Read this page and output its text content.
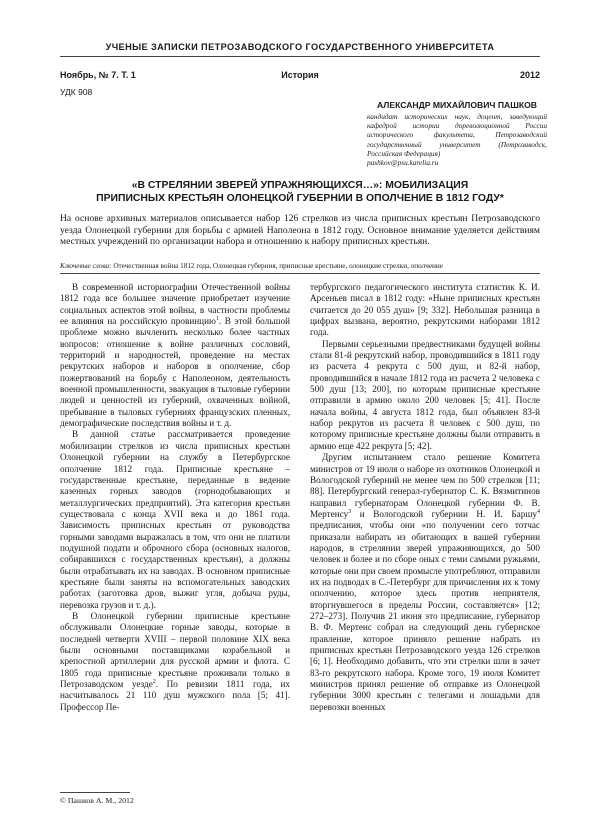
УЧЕНЫЕ ЗАПИСКИ ПЕТРОЗАВОДСКОГО ГОСУДАРСТВЕННОГО УНИВЕРСИТЕТА
Ноябрь, № 7. Т. 1	История	2012
УДК 908
АЛЕКСАНДР МИХАЙЛОВИЧ ПАШКОВ
кандидат исторических наук, доцент, заведующий кафедрой истории дореволюционной России исторического факультета, Петрозаводский государственный университет (Петрозаводск, Российская Федерация)
pashkov@psu.karelia.ru
«В СТРЕЛЯНИИ ЗВЕРЕЙ УПРАЖНЯЮЩИХСЯ…»: МОБИЛИЗАЦИЯ
ПРИПИСНЫХ КРЕСТЬЯН ОЛОНЕЦКОЙ ГУБЕРНИИ В ОПОЛЧЕНИЕ В 1812 ГОДУ*
На основе архивных материалов описывается набор 126 стрелков из числа приписных крестьян Петрозаводского уезда Олонецкой губернии для борьбы с армией Наполеона в 1812 году. Основное внимание уделяется действиям местных учреждений по организации набора и отношению к набору приписных крестьян.
Ключевые слова: Отечественная война 1812 года, Олонецкая губерния, приписные крестьяне, олонецкие стрелки, ополчение

В современной историографии Отечественной войны 1812 года все большее значение приобретает изучение социальных аспектов этой войны, в частности проблемы ее влияния на российскую провинцию$^1$. В этой большой проблеме можно вычленить несколько более частных вопросов: отношение к войне различных сословий, территорий и народностей, проведение на местах рекрутских наборов и наборов в ополчение, сбор пожертвований на борьбу с Наполеоном, деятельность военной промышленности, эвакуация в тыловые губернии людей и ценностей из губерний, охваченных войной, пребывание в тыловых губерниях французских пленных, демографические последствия войны и т. д.

В данной статье рассматривается проведение мобилизации стрелков из числа приписных крестьян Олонецкой губернии на службу в Петербургское ополчение 1812 года. Приписные крестьяне – государственные крестьяне, переданные в ведение казенных горных заводов (горнодобывающих и металлургических предприятий). Эта категория крестьян существовала с конца XVII века и до 1861 года. Зависимость приписных крестьян от руководства горными заводами выражалась в том, что они не платили подушной подати и оброчного сбора (основных налогов, собиравшихся с государственных крестьян), а должны были отрабатывать их на заводах. В основном приписные крестьяне были заняты на вспомогательных заводских работах (заготовка дров, выжиг угля, добыча руды, перевозка грузов и т. д.).

В Олонецкой губернии приписные крестьяне обслуживали Олонецкие горные заводы, которые в последней четверти XVIII – первой половине XIX века были основными поставщиками корабельной и крепостной артиллерии для русской армии и флота. С 1805 года приписные крестьяне проживали только в Петрозаводском уезде$^2$. По ревизии 1811 года, их насчитывалось 21 110 душ мужского пола [5; 41]. Профессор Пе-

тербургского педагогического института статистик К. И. Арсеньев писал в 1812 году: «Ныне приписных крестьян считается до 20 055 душ» [9; 332]. Небольшая разница в цифрах вызвана, вероятно, рекрутскими наборами 1812 года.

Первыми серьезными предвестниками будущей войны стали 81-й рекрутский набор, проводившийся в 1811 году из расчета 4 рекрута с 500 душ, и 82-й набор, проводившийся в начале 1812 года из расчета 2 человека с 500 душ [13; 200], по которым приписные крестьяне отправили в армию около 200 человек [5; 41]. После начала войны, 4 августа 1812 года, был объявлен 83-й набор рекрутов из расчета 8 человек с 500 душ, по которому приписные крестьяне должны были отправить в армию еще 422 рекрута [5; 42].

Другим испытанием стало решение Комитета министров от 19 июля о наборе из охотников Олонецкой и Вологодской губерний не менее чем по 500 стрелков [11; 88]. Петербургский генерал-губернатор С. К. Вязмитинов направил губернаторам Олонецкой губернии Ф. В. Мертенсу$^3$ и Вологодской губернии Н. И. Баршу$^4$ предписания, чтобы они «по получении сего тотчас приказали набирать из обитающих в вашей губернии народов, в стрелянии зверей упражняющихся, до 500 человек и более и по сборе оных с теми самыми ружьями, которые они при своем промысле употребляют, отправили их на подводах в С.-Петербург для причисления их к тому ополчению, которое здесь против неприятеля, вторгнувшегося в пределы России, составляется» [12; 272–273]. Получив 21 июня это предписание, губернатор В. Ф. Мертенс собрал на следующий день губернское правление, которое приняло решение набрать из приписных крестьян Петрозаводского уезда 126 стрелков [6; 1]. Необходимо добавить, что эти стрелки шли в зачет 83-го рекрутского набора. Кроме того, 19 июля Комитет министров принял решение об отправке из Олонецкой губернии 3000 крестьян с телегами и лошадьми для перевозки военных

© Пашков А. М., 2012
